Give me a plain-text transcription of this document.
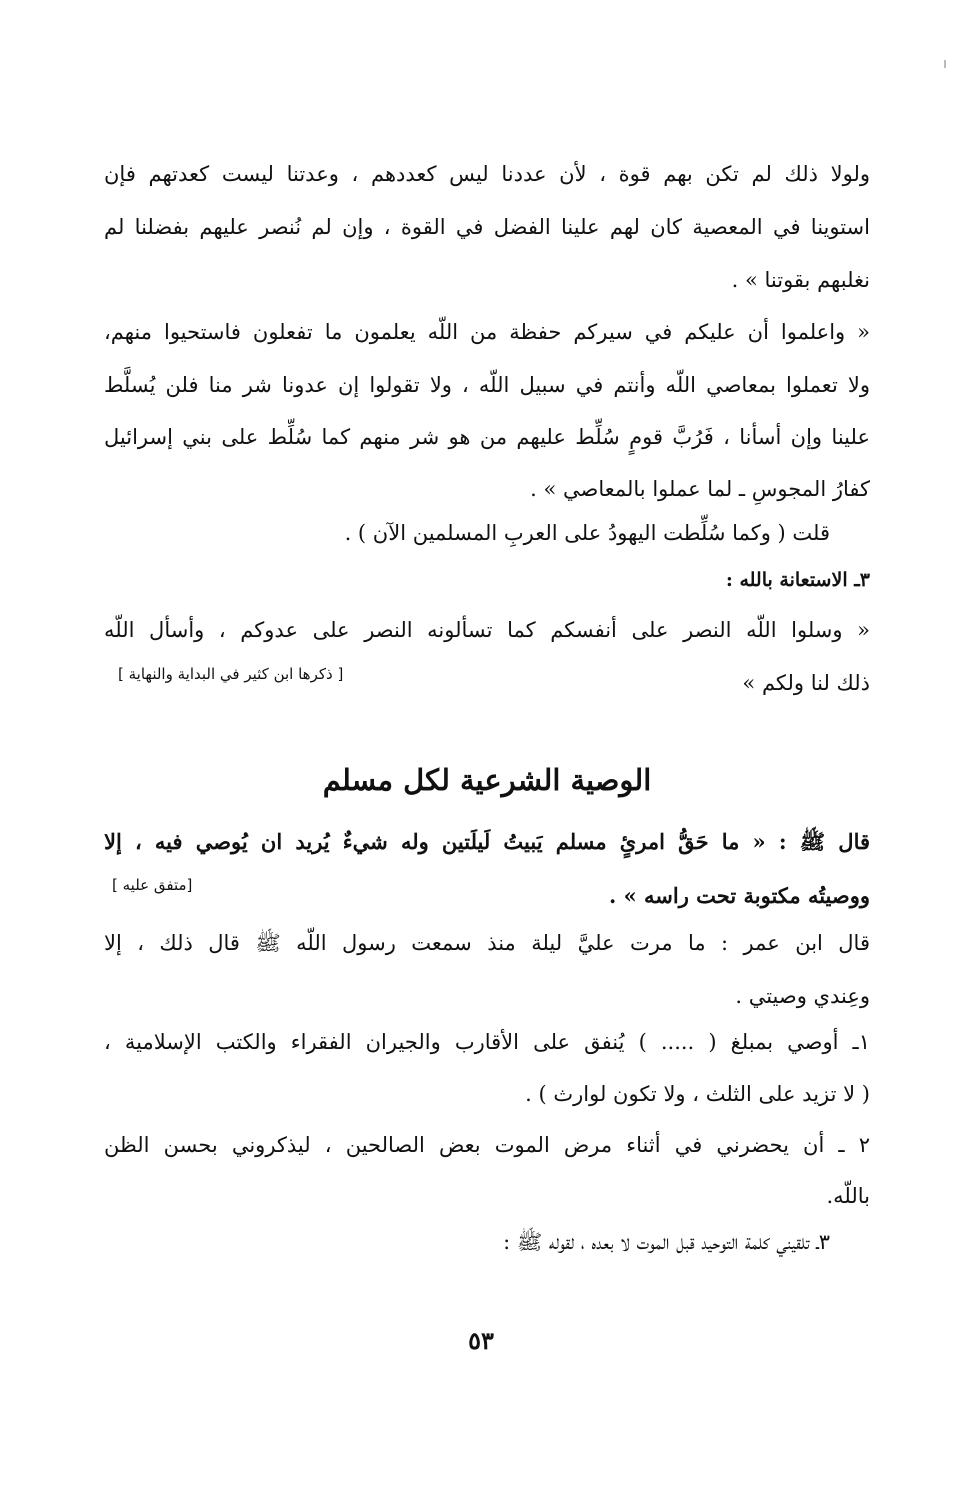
ولولا ذلك لم تكن بهم قوة ، لأن عددنا ليس كعددهم ، وعدتنا ليست كعدتهم فإن
استوينا في المعصية كان لهم علينا الفضل في القوة ، وإن لم نُنصر عليهم بفضلنا لم
نغلبهم بقوتنا » .
« واعلموا أن عليكم في سيركم حفظة من اللّه يعلمون ما تفعلون فاستحيوا منهم،
ولا تعملوا بمعاصي اللّه وأنتم في سبيل اللّه ، ولا تقولوا إن عدونا شر منا فلن يُسلَّط
علينا وإن أسأنا ، فَرُبَّ قومٍ سُلِّط عليهم من هو شر منهم كما سُلِّط على بني إسرائيل
كفارُ المجوسِ ـ لما عملوا بالمعاصي » .
قلت ( وكما سُلِّطت اليهودُ على العربِ المسلمين الآن ) .
٣ـ الاستعانة بالله :
« وسلوا اللّه النصر على أنفسكم كما تسألونه النصر على عدوكم ، وأسأل اللّه
ذلك لنا ولكم »
[ ذكرها ابن كثير في البداية والنهاية ]
الوصية الشرعية لكل مسلم
قال ﷺ : « ما حَقُّ امرئٍ مسلم يَبيتُ لَيلَتين وله شيءٌ يُريد ان يُوصي فيه ، إلا
ووصيتُه مكتوبة تحت راسه » .
[متفق عليه ]
قال ابن عمر : ما مرت عليَّ ليلة منذ سمعت رسول اللّه ﷺ قال ذلك ، إلا
وعِندي وصيتي .
١ـ أوصي بمبلغ ( ..... ) يُنفق على الأقارب والجيران الفقراء والكتب الإسلامية ،
( لا تزيد على الثلث ، ولا تكون لوارث ) .
٢ ـ أن يحضرني في أثناء مرض الموت بعض الصالحين ، ليذكروني بحسن الظن
باللّه.
٣ـ تلقيني كلمة التوحيد قبل الموت لا بعده ، لقوله ﷺ :
٥٣
